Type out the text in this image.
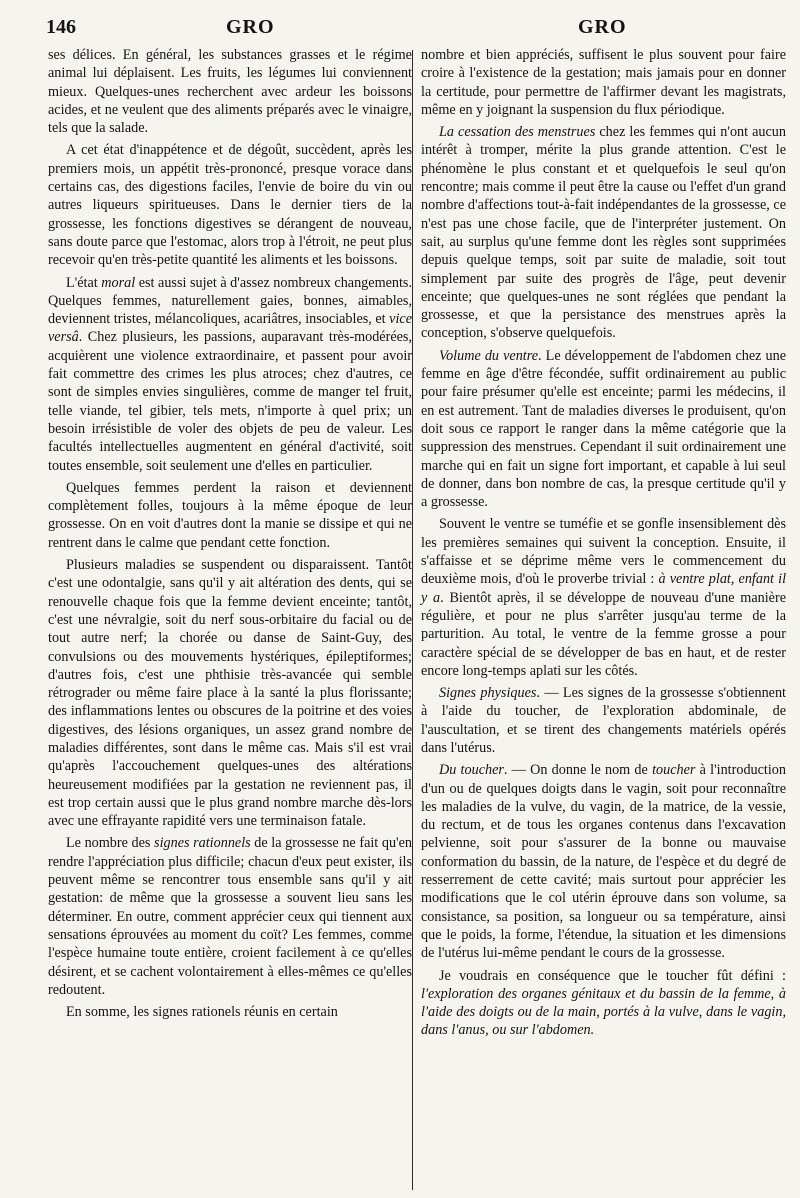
146	GRO	GRO

ses délices. En général, les substances grasses et le régime animal lui déplaisent. Les fruits, les légumes lui conviennent mieux. Quelques-unes recherchent avec ardeur les boissons acides, et ne veulent que des aliments préparés avec le vinaigre, tels que la salade.

A cet état d'inappétence et de dégoût, succèdent, après les premiers mois, un appétit très-prononcé, presque vorace dans certains cas, des digestions faciles, l'envie de boire du vin ou autres liqueurs spiritueuses. Dans le dernier tiers de la grossesse, les fonctions digestives se dérangent de nouveau, sans doute parce que l'estomac, alors trop à l'étroit, ne peut plus recevoir qu'en très-petite quantité les aliments et les boissons.

L'état moral est aussi sujet à d'assez nombreux changements. Quelques femmes, naturellement gaies, bonnes, aimables, deviennent tristes, mélancoliques, acariâtres, insociables, et vice versâ. Chez plusieurs, les passions, auparavant très-modérées, acquièrent une violence extraordinaire, et passent pour avoir fait commettre des crimes les plus atroces; chez d'autres, ce sont de simples envies singulières, comme de manger tel fruit, telle viande, tel gibier, tels mets, n'importe à quel prix; un besoin irrésistible de voler des objets de peu de valeur. Les facultés intellectuelles augmentent en général d'activité, soit toutes ensemble, soit seulement une d'elles en particulier.

Quelques femmes perdent la raison et deviennent complètement folles, toujours à la même époque de leur grossesse. On en voit d'autres dont la manie se dissipe et qui ne rentrent dans le calme que pendant cette fonction.

Plusieurs maladies se suspendent ou disparaissent. Tantôt c'est une odontalgie, sans qu'il y ait altération des dents, qui se renouvelle chaque fois que la femme devient enceinte; tantôt, c'est une névralgie, soit du nerf sous-orbitaire du facial ou de tout autre nerf; la chorée ou danse de Saint-Guy, des convulsions ou des mouvements hystériques, épileptiformes; d'autres fois, c'est une phthisie très-avancée qui semble rétrograder ou même faire place à la santé la plus florissante; des inflammations lentes ou obscures de la poitrine et des voies digestives, des lésions organiques, un assez grand nombre de maladies différentes, sont dans le même cas. Mais s'il est vrai qu'après l'accouchement quelques-unes des altérations heureusement modifiées par la gestation ne reviennent pas, il est trop certain aussi que le plus grand nombre marche dès-lors avec une effrayante rapidité vers une terminaison fatale.

Le nombre des signes rationnels de la grossesse ne fait qu'en rendre l'appréciation plus difficile; chacun d'eux peut exister, ils peuvent même se rencontrer tous ensemble sans qu'il y ait gestation: de même que la grossesse a souvent lieu sans les déterminer. En outre, comment apprécier ceux qui tiennent aux sensations éprouvées au moment du coït? Les femmes, comme l'espèce humaine toute entière, croient facilement à ce qu'elles désirent, et se cachent volontairement à elles-mêmes ce qu'elles redoutent.

En somme, les signes rationels réunis en certain

nombre et bien appréciés, suffisent le plus souvent pour faire croire à l'existence de la gestation; mais jamais pour en donner la certitude, pour permettre de l'affirmer devant les magistrats, même en y joignant la suspension du flux périodique.

La cessation des menstrues chez les femmes qui n'ont aucun intérêt à tromper, mérite la plus grande attention. C'est le phénomène le plus constant et et quelquefois le seul qu'on rencontre; mais comme il peut être la cause ou l'effet d'un grand nombre d'affections tout-à-fait indépendantes de la grossesse, ce n'est pas une chose facile, que de l'interpréter justement. On sait, au surplus qu'une femme dont les règles sont supprimées depuis quelque temps, soit par suite de maladie, soit tout simplement par suite des progrès de l'âge, peut devenir enceinte; que quelques-unes ne sont réglées que pendant la grossesse, et que la persistance des menstrues après la conception, s'observe quelquefois.

Volume du ventre. Le développement de l'abdomen chez une femme en âge d'être fécondée, suffit ordinairement au public pour faire présumer qu'elle est enceinte; parmi les médecins, il en est autrement. Tant de maladies diverses le produisent, qu'on doit sous ce rapport le ranger dans la même catégorie que la suppression des menstrues. Cependant il suit ordinairement une marche qui en fait un signe fort important, et capable à lui seul de donner, dans bon nombre de cas, la presque certitude qu'il y a grossesse.

Souvent le ventre se tuméfie et se gonfle insensiblement dès les premières semaines qui suivent la conception. Ensuite, il s'affaisse et se déprime même vers le commencement du deuxième mois, d'où le proverbe trivial : à ventre plat, enfant il y a. Bientôt après, il se développe de nouveau d'une manière régulière, et pour ne plus s'arrêter jusqu'au terme de la parturition. Au total, le ventre de la femme grosse a pour caractère spécial de se développer de bas en haut, et de rester encore long-temps aplati sur les côtés.

Signes physiques. — Les signes de la grossesse s'obtiennent à l'aide du toucher, de l'exploration abdominale, de l'auscultation, et se tirent des changements matériels opérés dans l'utérus.

Du toucher. — On donne le nom de toucher à l'introduction d'un ou de quelques doigts dans le vagin, soit pour reconnaître les maladies de la vulve, du vagin, de la matrice, de la vessie, du rectum, et de tous les organes contenus dans l'excavation pelvienne, soit pour s'assurer de la bonne ou mauvaise conformation du bassin, de la nature, de l'espèce et du degré de resserrement de cette cavité; mais surtout pour apprécier les modifications que le col utérin éprouve dans son volume, sa consistance, sa position, sa longueur ou sa température, ainsi que le poids, la forme, l'étendue, la situation et les dimensions de l'utérus lui-même pendant le cours de la grossesse.

Je voudrais en conséquence que le toucher fût défini : l'exploration des organes génitaux et du bassin de la femme, à l'aide des doigts ou de la main, portés à la vulve, dans le vagin, dans l'anus, ou sur l'abdomen.
